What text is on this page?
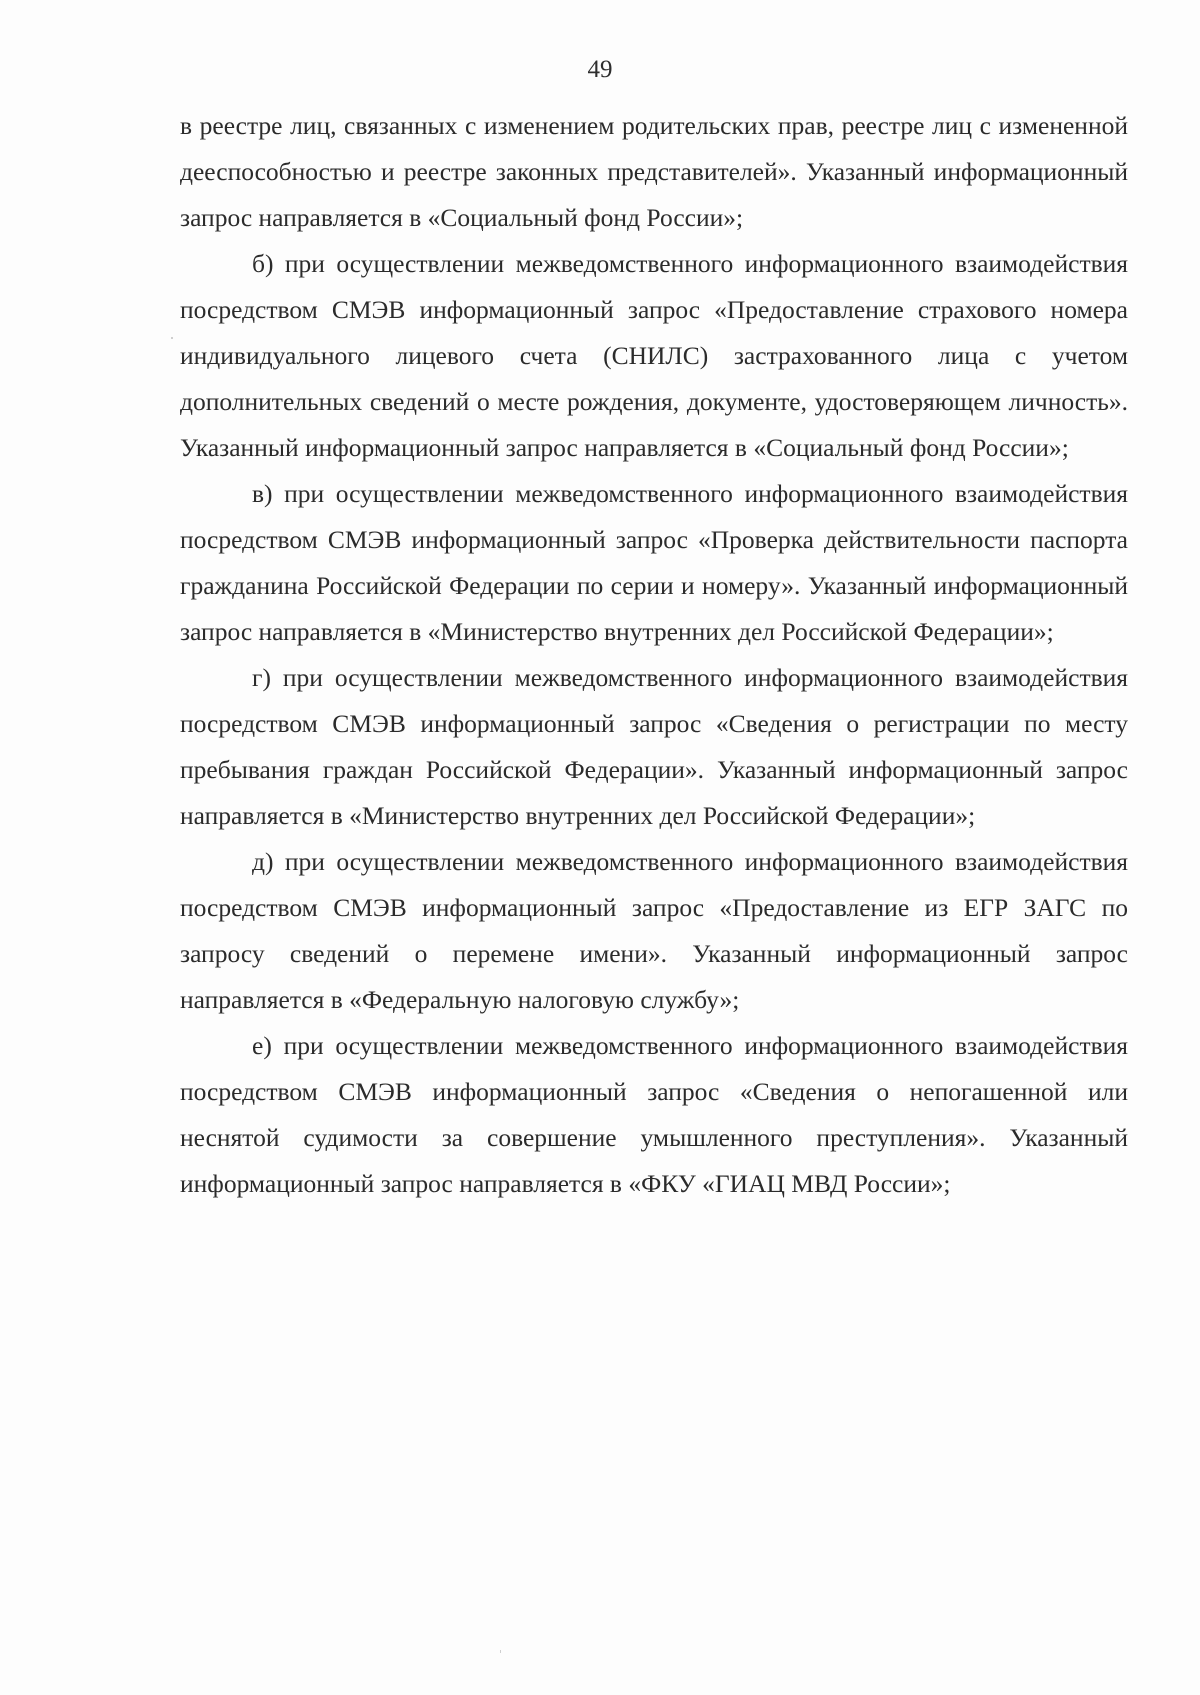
49

в реестре лиц, связанных с изменением родительских прав, реестре лиц с измененной дееспособностью и реестре законных представителей». Указанный информационный запрос направляется в «Социальный фонд России»;

б) при осуществлении межведомственного информационного взаимодействия посредством СМЭВ информационный запрос «Предоставление страхового номера индивидуального лицевого счета (СНИЛС) застрахованного лица с учетом дополнительных сведений о месте рождения, документе, удостоверяющем личность». Указанный информационный запрос направляется в «Социальный фонд России»;

в) при осуществлении межведомственного информационного взаимодействия посредством СМЭВ информационный запрос «Проверка действительности паспорта гражданина Российской Федерации по серии и номеру». Указанный информационный запрос направляется в «Министерство внутренних дел Российской Федерации»;

г) при осуществлении межведомственного информационного взаимодействия посредством СМЭВ информационный запрос «Сведения о регистрации по месту пребывания граждан Российской Федерации». Указанный информационный запрос направляется в «Министерство внутренних дел Российской Федерации»;

д) при осуществлении межведомственного информационного взаимодействия посредством СМЭВ информационный запрос «Предоставление из ЕГР ЗАГС по запросу сведений о перемене имени». Указанный информационный запрос направляется в «Федеральную налоговую службу»;

е) при осуществлении межведомственного информационного взаимодействия посредством СМЭВ информационный запрос «Сведения о непогашенной или неснятой судимости за совершение умышленного преступления». Указанный информационный запрос направляется в «ФКУ «ГИАЦ МВД России»;
